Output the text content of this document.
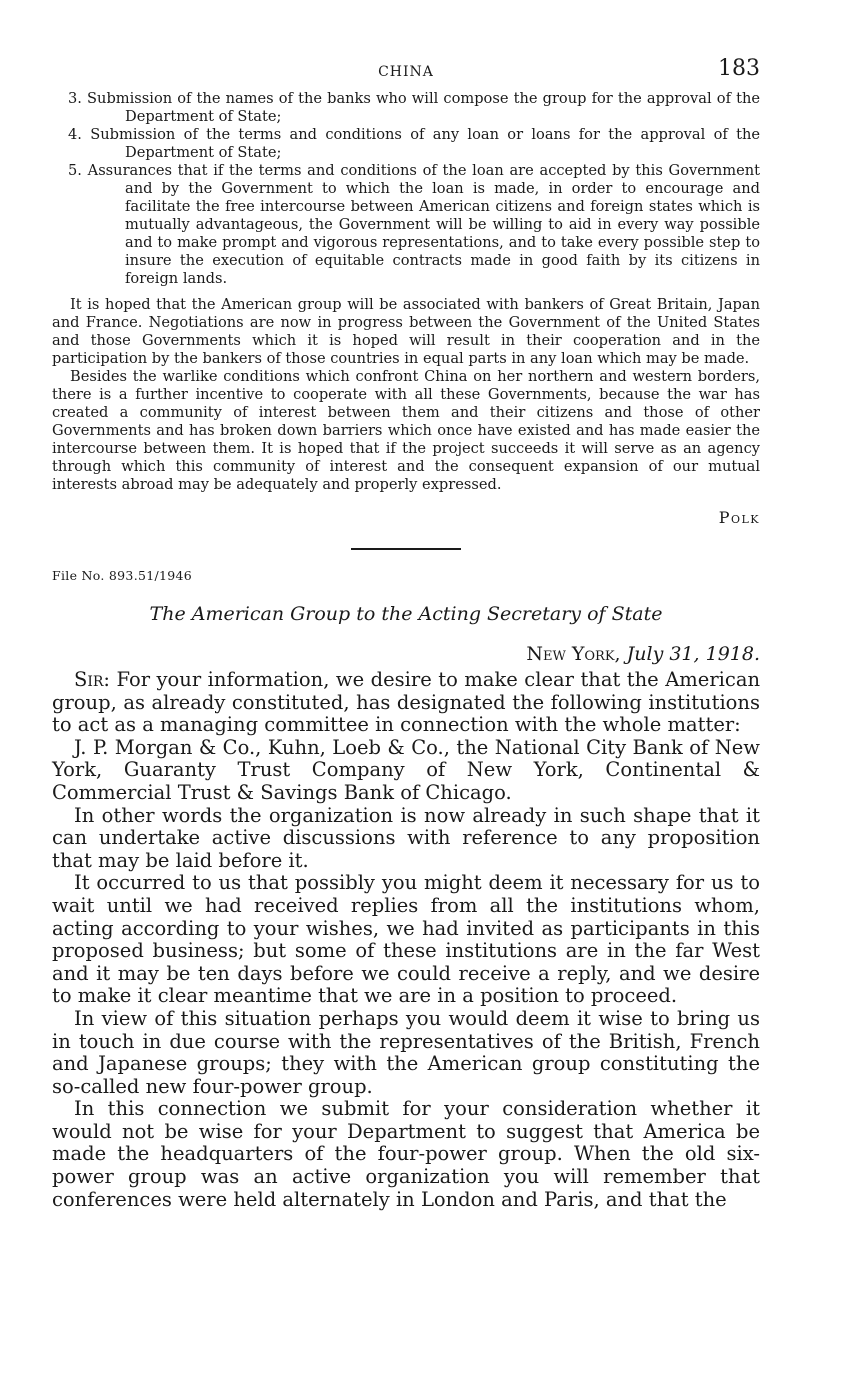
CHINA	183
3. Submission of the names of the banks who will compose the group for the approval of the Department of State;
4. Submission of the terms and conditions of any loan or loans for the approval of the Department of State;
5. Assurances that if the terms and conditions of the loan are accepted by this Government and by the Government to which the loan is made, in order to encourage and facilitate the free intercourse between American citizens and foreign states which is mutually advantageous, the Government will be willing to aid in every way possible and to make prompt and vigorous representations, and to take every possible step to insure the execution of equitable contracts made in good faith by its citizens in foreign lands.

It is hoped that the American group will be associated with bankers of Great Britain, Japan and France. Negotiations are now in progress between the Government of the United States and those Governments which it is hoped will result in their cooperation and in the participation by the bankers of those countries in equal parts in any loan which may be made.

Besides the warlike conditions which confront China on her northern and western borders, there is a further incentive to cooperate with all these Governments, because the war has created a community of interest between them and their citizens and those of other Governments and has broken down barriers which once have existed and has made easier the intercourse between them. It is hoped that if the project succeeds it will serve as an agency through which this community of interest and the consequent expansion of our mutual interests abroad may be adequately and properly expressed.

Polk
File No. 893.51/1946
The American Group to the Acting Secretary of State
New York, July 31, 1918.

Sir: For your information, we desire to make clear that the American group, as already constituted, has designated the following institutions to act as a managing committee in connection with the whole matter:

J. P. Morgan & Co., Kuhn, Loeb & Co., the National City Bank of New York, Guaranty Trust Company of New York, Continental & Commercial Trust & Savings Bank of Chicago.

In other words the organization is now already in such shape that it can undertake active discussions with reference to any proposition that may be laid before it.

It occurred to us that possibly you might deem it necessary for us to wait until we had received replies from all the institutions whom, acting according to your wishes, we had invited as participants in this proposed business; but some of these institutions are in the far West and it may be ten days before we could receive a reply, and we desire to make it clear meantime that we are in a position to proceed.

In view of this situation perhaps you would deem it wise to bring us in touch in due course with the representatives of the British, French and Japanese groups; they with the American group constituting the so-called new four-power group.

In this connection we submit for your consideration whether it would not be wise for your Department to suggest that America be made the headquarters of the four-power group. When the old six-power group was an active organization you will remember that conferences were held alternately in London and Paris, and that the
